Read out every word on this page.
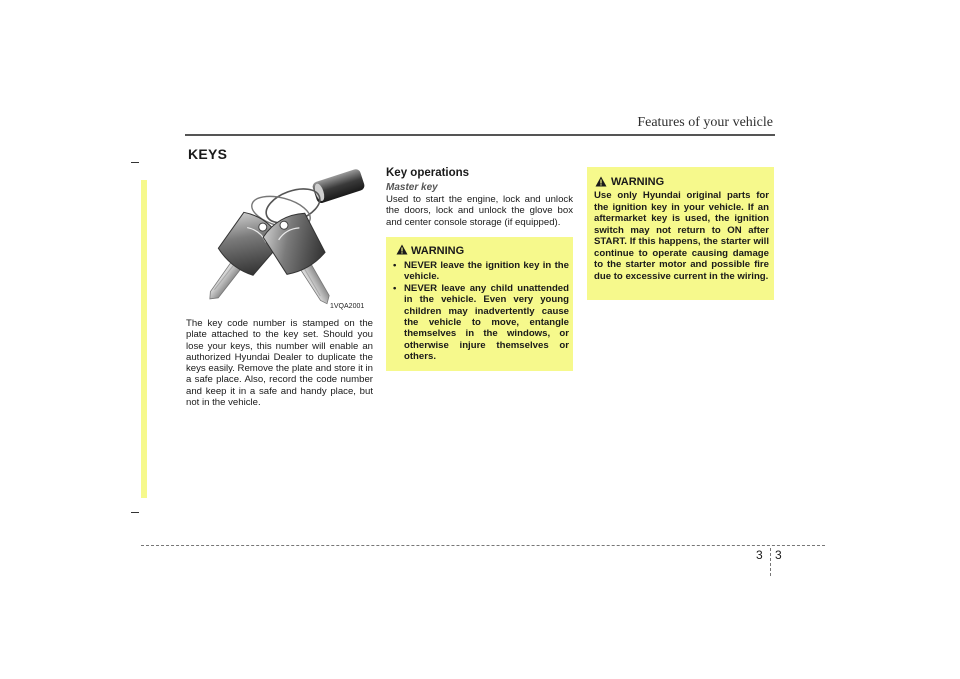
Features of your vehicle
KEYS
1VQA2001
The key code number is stamped on the plate attached to the key set. Should you lose your keys, this number will enable an authorized Hyundai Dealer to duplicate the keys easily. Remove the plate and store it in a safe place. Also, record the code number and keep it in a safe and handy place, but not in the vehicle.
Key operations
Master key
Used to start the engine, lock and unlock the doors, lock and unlock the glove box and center console storage (if equipped).
WARNING
• NEVER leave the ignition key in the vehicle.
• NEVER leave any child unattended in the vehicle. Even very young children may inadvertently cause the vehicle to move, entangle themselves in the windows, or otherwise injure themselves or others.
WARNING
Use only Hyundai original parts for the ignition key in your vehicle. If an aftermarket key is used, the ignition switch may not return to ON after START. If this happens, the starter will continue to operate causing damage to the starter motor and possible fire due to excessive current in the wiring.
3 3
